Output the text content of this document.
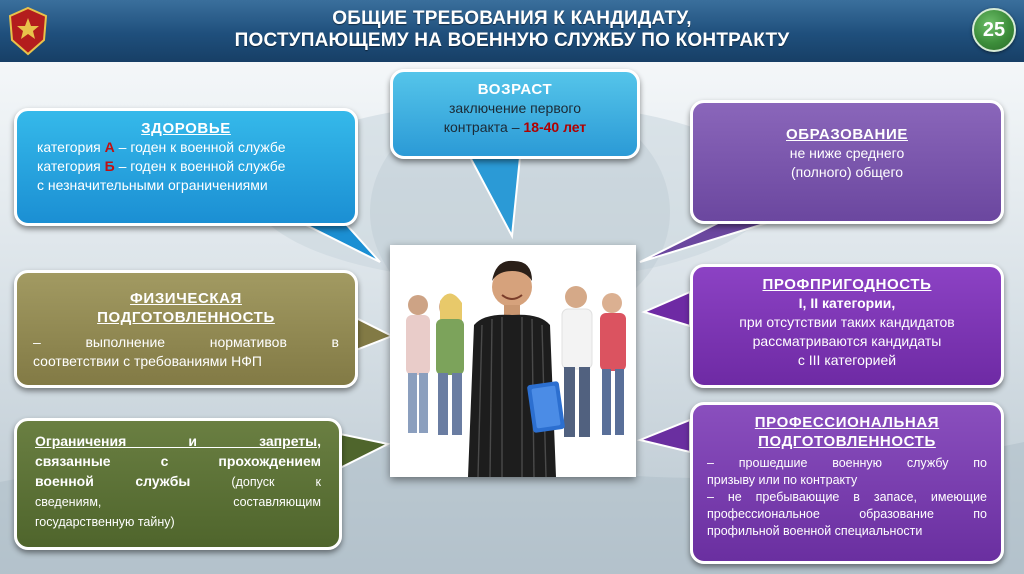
ОБЩИЕ ТРЕБОВАНИЯ К КАНДИДАТУ,
ПОСТУПАЮЩЕМУ НА ВОЕННУЮ СЛУЖБУ ПО КОНТРАКТУ	25
ЗДОРОВЬЕ
категория А – годен к военной службе
категория Б – годен к военной службе
с незначительными ограничениями
ВОЗРАСТ
заключение первого
контракта – 18-40 лет	ОБРАЗОВАНИЕ
не ниже среднего
(полного) общего
ФИЗИЧЕСКАЯ
ПОДГОТОВЛЕННОСТЬ
– выполнение нормативов в
соответствии с требованиями НФП
ПРОФПРИГОДНОСТЬ
I, II категории,
при отсутствии таких кандидатов
рассматриваются кандидаты
с III категорией
Ограничения и запреты,
связанные с прохождением
военной службы (допуск к
сведениям, составляющим
государственную тайну)
ПРОФЕССИОНАЛЬНАЯ
ПОДГОТОВЛЕННОСТЬ
– прошедшие военную службу по
призыву или по контракту
– не пребывающие в запасе, имеющие
профессиональное образование по
профильной военной специальности
